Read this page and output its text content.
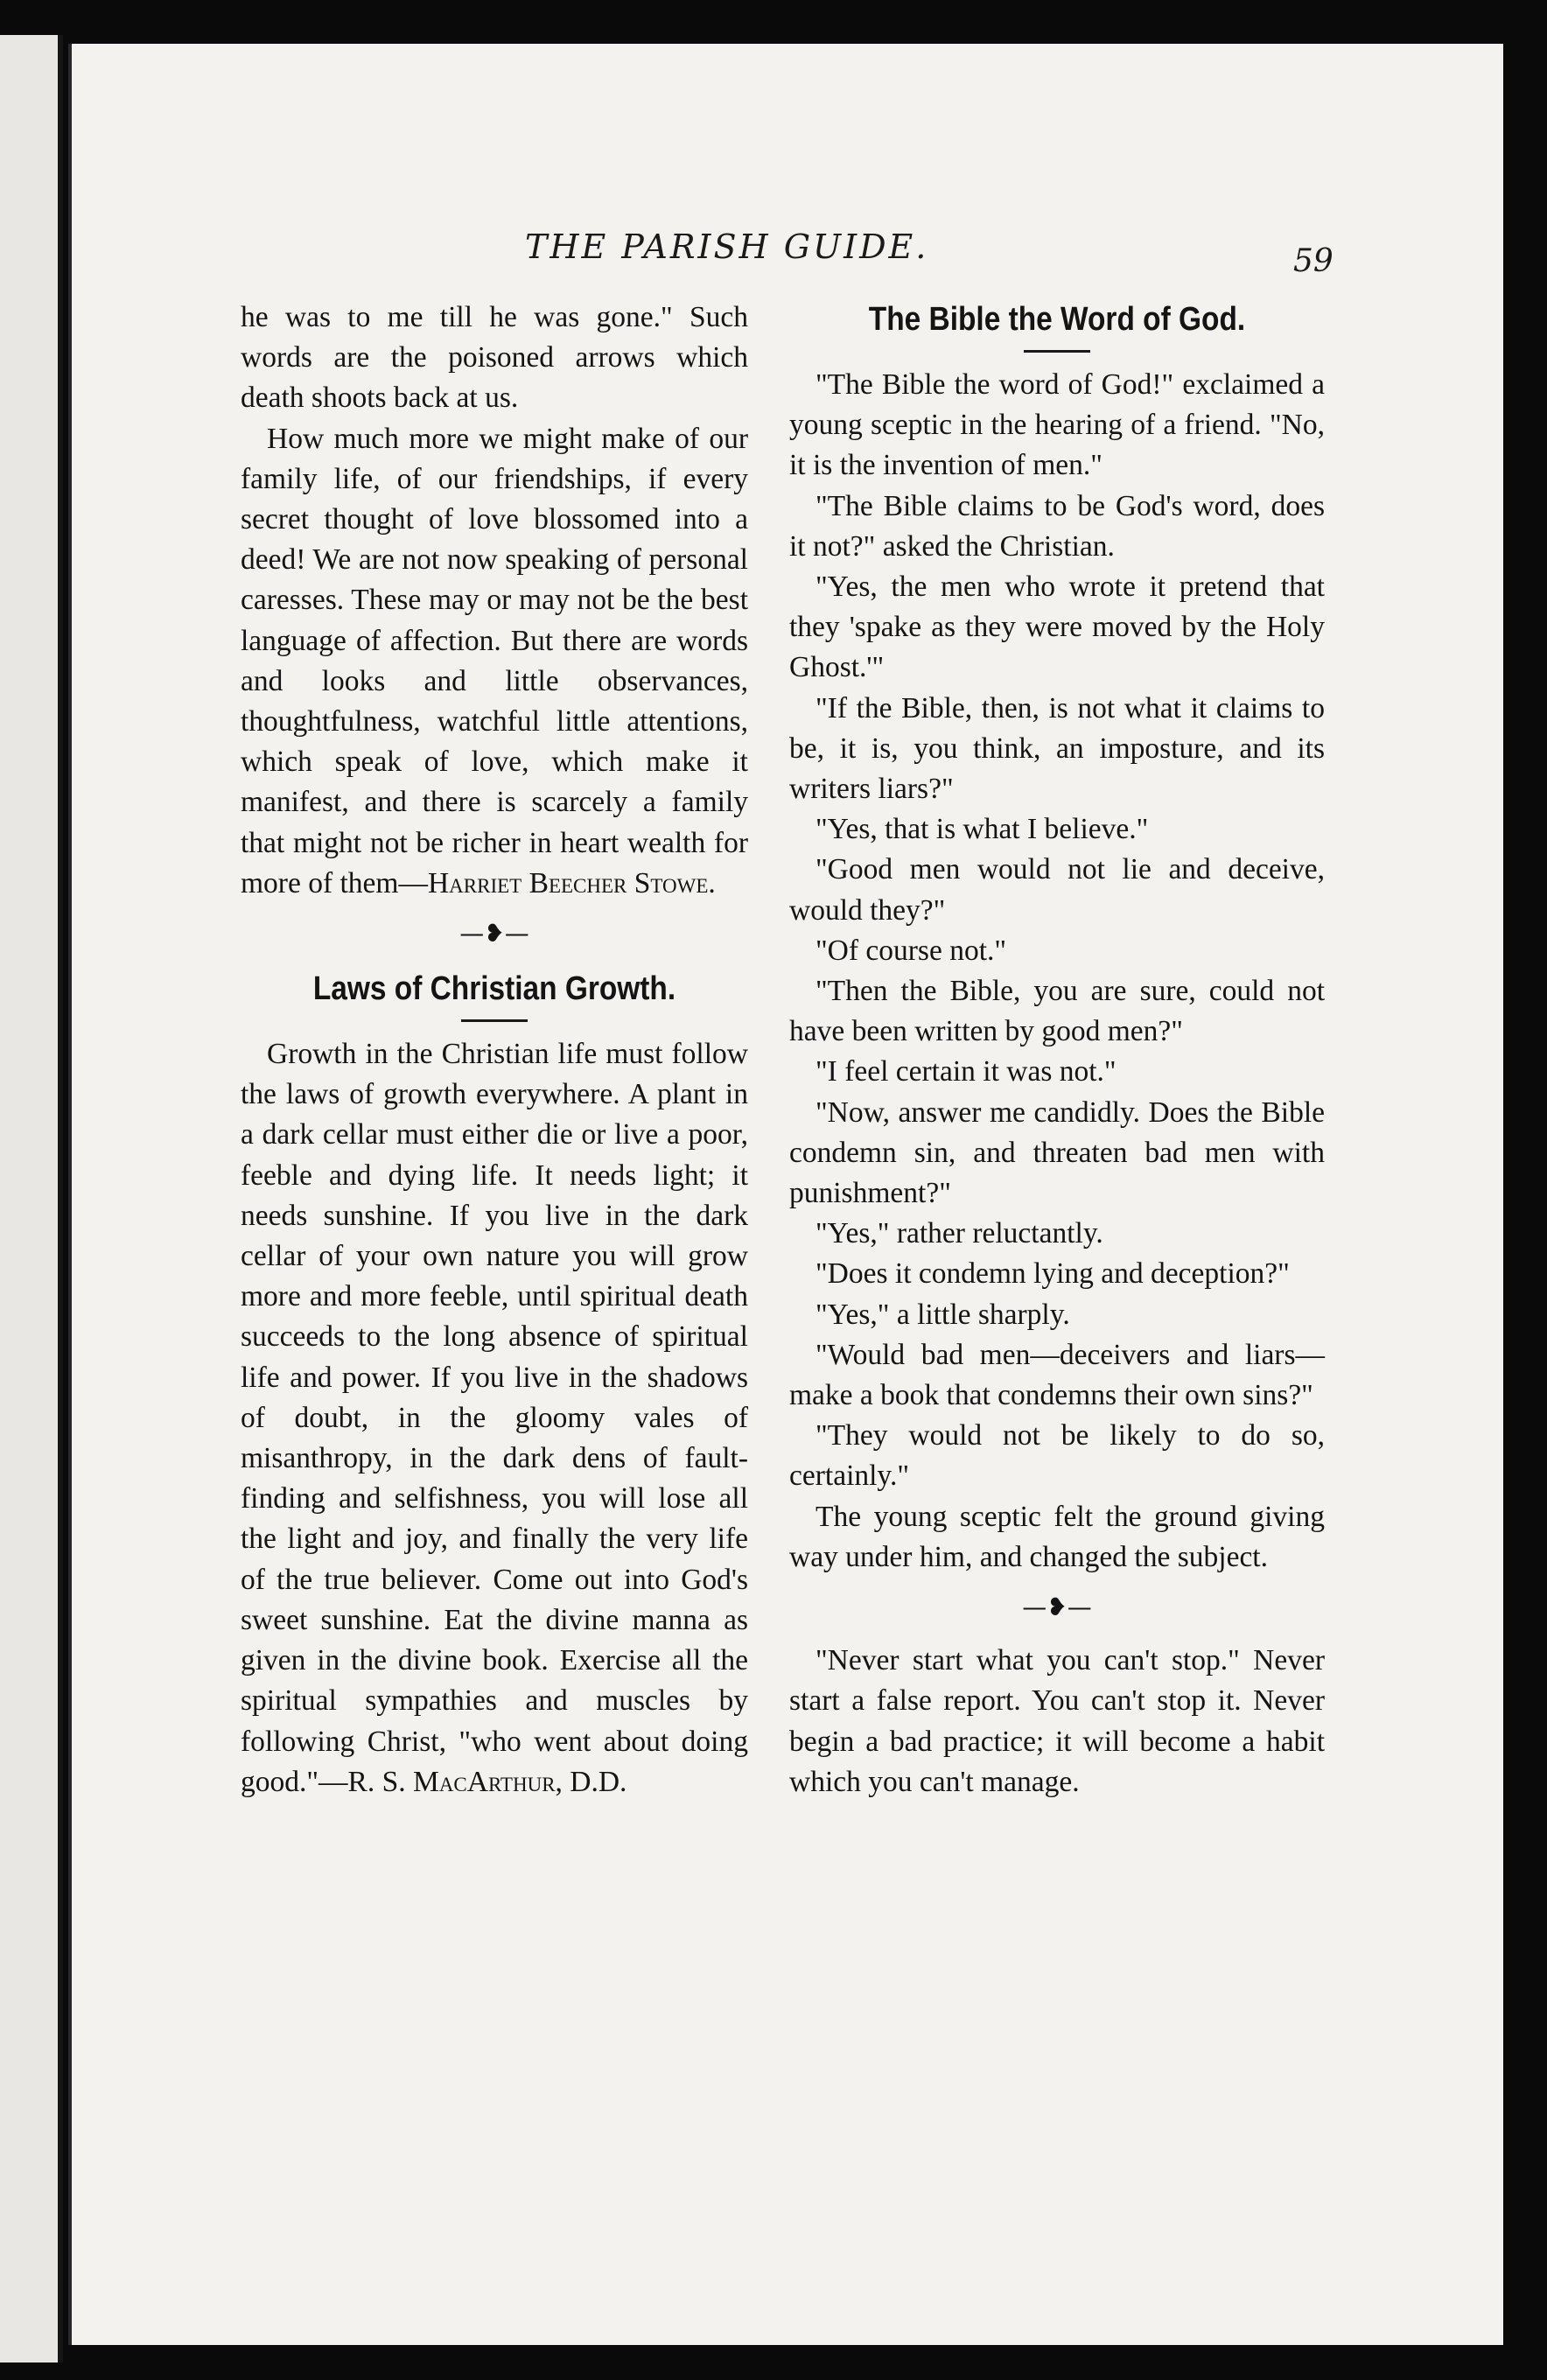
THE PARISH GUIDE.	59

he was to me till he was gone." Such words are the poisoned arrows which death shoots back at us.

How much more we might make of our family life, of our friendships, if every secret thought of love blossomed into a deed! We are not now speaking of personal caresses. These may or may not be the best language of affection. But there are words and looks and little observances, thoughtfulness, watchful little attentions, which speak of love, which make it manifest, and there is scarcely a family that might not be richer in heart wealth for more of them—Harriet Beecher Stowe.

—❥—
Laws of Christian Growth.

Growth in the Christian life must follow the laws of growth everywhere. A plant in a dark cellar must either die or live a poor, feeble and dying life. It needs light; it needs sunshine. If you live in the dark cellar of your own nature you will grow more and more feeble, until spiritual death succeeds to the long absence of spiritual life and power. If you live in the shadows of doubt, in the gloomy vales of misanthropy, in the dark dens of fault-finding and selfishness, you will lose all the light and joy, and finally the very life of the true believer. Come out into God's sweet sunshine. Eat the divine manna as given in the divine book. Exercise all the spiritual sympathies and muscles by following Christ, "who went about doing good."—R. S. MacArthur, D.D.

The Bible the Word of God.

"The Bible the word of God!" exclaimed a young sceptic in the hearing of a friend. "No, it is the invention of men."

"The Bible claims to be God's word, does it not?" asked the Christian.

"Yes, the men who wrote it pretend that they 'spake as they were moved by the Holy Ghost.'"

"If the Bible, then, is not what it claims to be, it is, you think, an imposture, and its writers liars?"

"Yes, that is what I believe."

"Good men would not lie and deceive, would they?"

"Of course not."

"Then the Bible, you are sure, could not have been written by good men?"

"I feel certain it was not."

"Now, answer me candidly. Does the Bible condemn sin, and threaten bad men with punishment?"

"Yes," rather reluctantly.

"Does it condemn lying and deception?"

"Yes," a little sharply.

"Would bad men—deceivers and liars—make a book that condemns their own sins?"

"They would not be likely to do so, certainly."

The young sceptic felt the ground giving way under him, and changed the subject.

—❥—

"Never start what you can't stop." Never start a false report. You can't stop it. Never begin a bad practice; it will become a habit which you can't manage.
